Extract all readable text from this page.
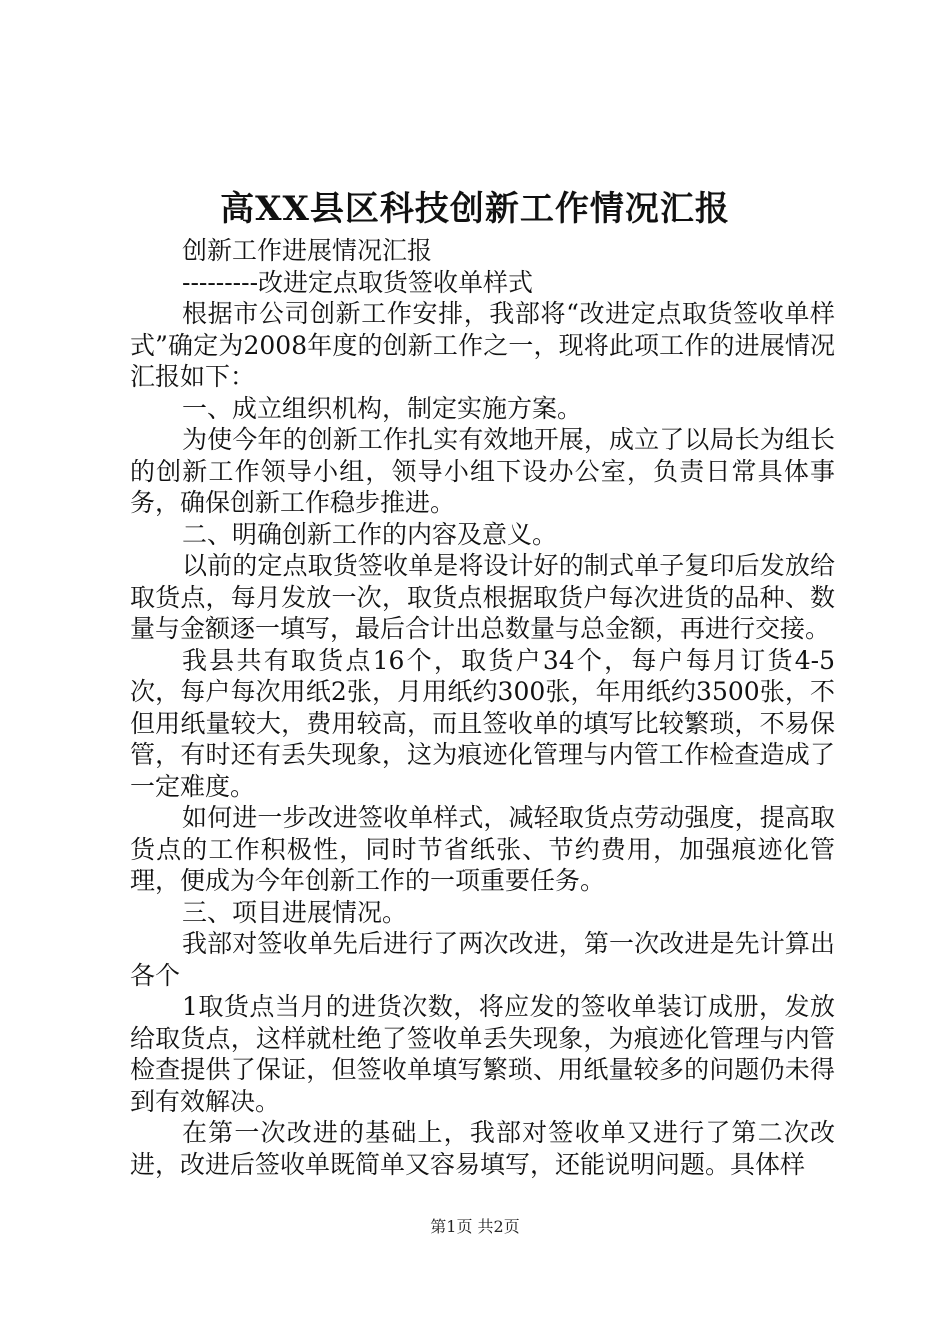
高XX县区科技创新工作情况汇报

创新工作进展情况汇报

---------改进定点取货签收单样式

根据市公司创新工作安排，我部将“改进定点取货签收单样式”确定为2008年度的创新工作之一，现将此项工作的进展情况汇报如下：

一、成立组织机构，制定实施方案。

为使今年的创新工作扎实有效地开展，成立了以局长为组长的创新工作领导小组，领导小组下设办公室，负责日常具体事务，确保创新工作稳步推进。

二、明确创新工作的内容及意义。

以前的定点取货签收单是将设计好的制式单子复印后发放给取货点，每月发放一次，取货点根据取货户每次进货的品种、数量与金额逐一填写，最后合计出总数量与总金额，再进行交接。

我县共有取货点16个，取货户34个，每户每月订货4-5次，每户每次用纸2张，月用纸约300张，年用纸约3500张，不但用纸量较大，费用较高，而且签收单的填写比较繁琐，不易保管，有时还有丢失现象，这为痕迹化管理与内管工作检查造成了一定难度。

如何进一步改进签收单样式，减轻取货点劳动强度，提高取货点的工作积极性，同时节省纸张、节约费用，加强痕迹化管理，便成为今年创新工作的一项重要任务。

三、项目进展情况。

我部对签收单先后进行了两次改进，第一次改进是先计算出各个

1取货点当月的进货次数，将应发的签收单装订成册，发放给取货点，这样就杜绝了签收单丢失现象，为痕迹化管理与内管检查提供了保证，但签收单填写繁琐、用纸量较多的问题仍未得到有效解决。

在第一次改进的基础上，我部对签收单又进行了第二次改进，改进后签收单既简单又容易填写，还能说明问题。具体样

第1页 共2页
